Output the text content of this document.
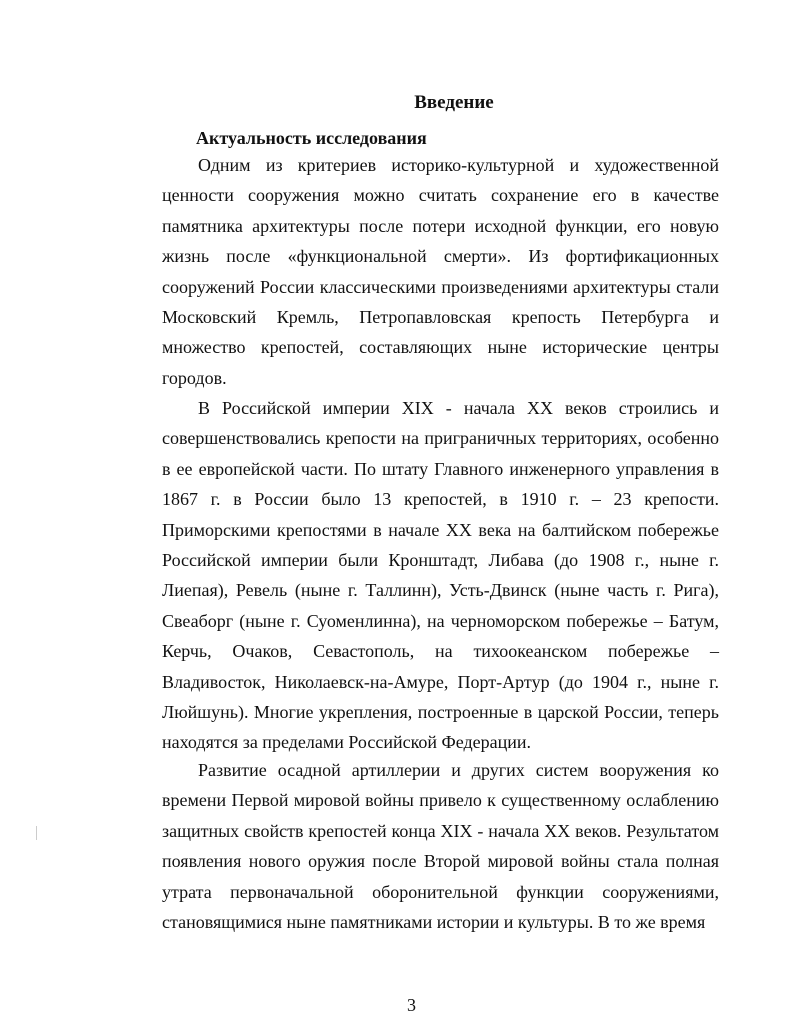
Введение
Актуальность исследования

Одним из критериев историко-культурной и художественной ценности сооружения можно считать сохранение его в качестве памятника архитектуры после потери исходной функции, его новую жизнь после «функциональной смерти». Из фортификационных сооружений России классическими произведениями архитектуры стали Московский Кремль, Петропавловская крепость Петербурга и множество крепостей, составляющих ныне исторические центры городов.

В Российской империи XIX - начала XX веков строились и совершенствовались крепости на приграничных территориях, особенно в ее европейской части. По штату Главного инженерного управления в 1867 г. в России было 13 крепостей, в 1910 г. – 23 крепости. Приморскими крепостями в начале XX века на балтийском побережье Российской империи были Кронштадт, Либава (до 1908 г., ныне г. Лиепая), Ревель (ныне г. Таллинн), Усть-Двинск (ныне часть г. Рига), Свеаборг (ныне г. Суоменлинна), на черноморском побережье – Батум, Керчь, Очаков, Севастополь, на тихоокеанском побережье – Владивосток, Николаевск-на-Амуре, Порт-Артур (до 1904 г., ныне г. Люйшунь). Многие укрепления, построенные в царской России, теперь находятся за пределами Российской Федерации.

Развитие осадной артиллерии и других систем вооружения ко времени Первой мировой войны привело к существенному ослаблению защитных свойств крепостей конца XIX - начала XX веков. Результатом появления нового оружия после Второй мировой войны стала полная утрата первоначальной оборонительной функции сооружениями, становящимися ныне памятниками истории и культуры. В то же время

3
